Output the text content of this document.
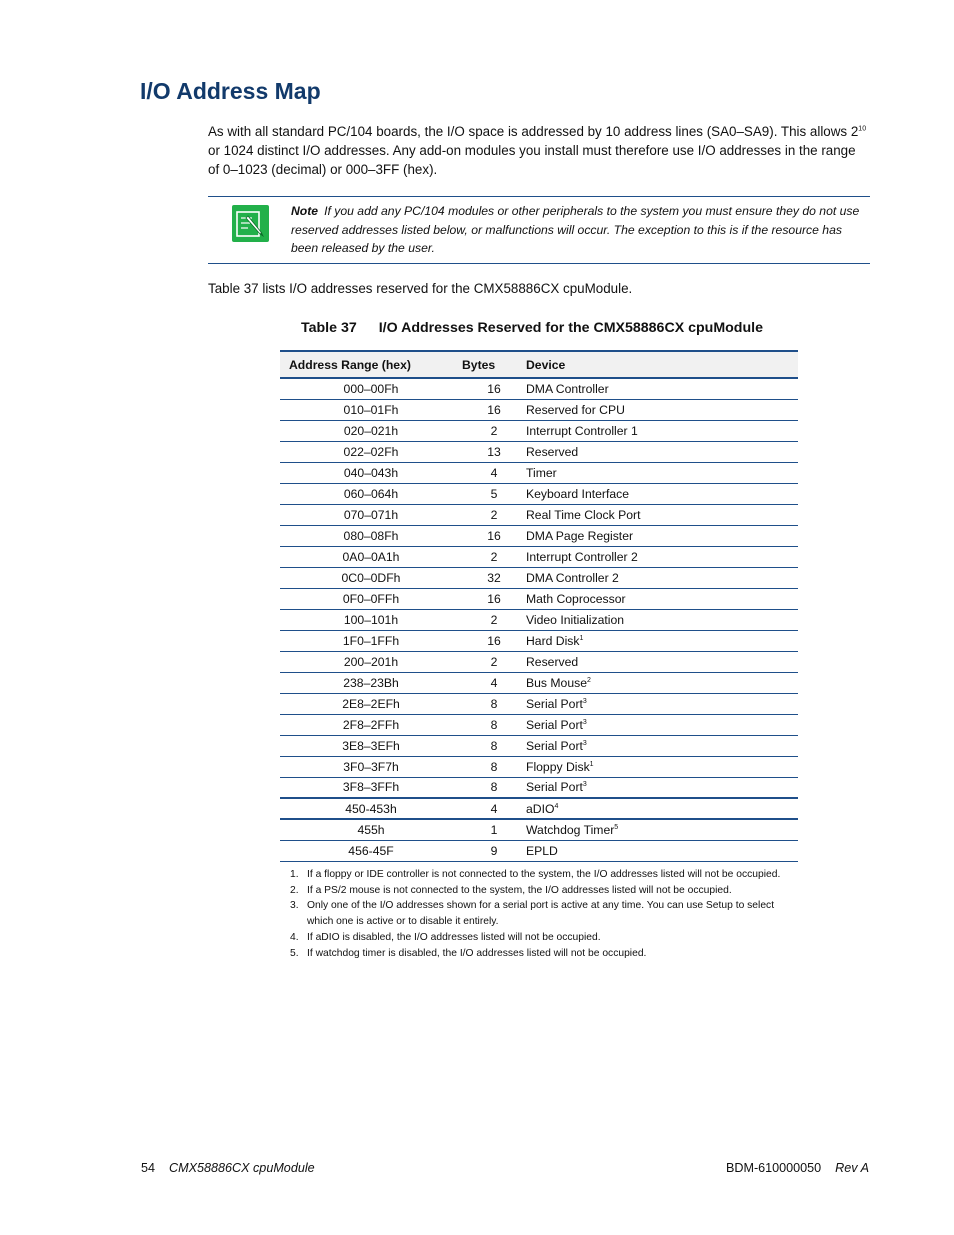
I/O Address Map

As with all standard PC/104 boards, the I/O space is addressed by 10 address lines (SA0–SA9). This allows $2^{10}$ or 1024 distinct I/O addresses. Any add-on modules you install must therefore use I/O addresses in the range of 0–1023 (decimal) or 000–3FF (hex).

Note If you add any PC/104 modules or other peripherals to the system you must ensure they do not use reserved addresses listed below, or malfunctions will occur. The exception to this is if the resource has been released by the user.

Table 37 lists I/O addresses reserved for the CMX58886CX cpuModule.

Table 37 I/O Addresses Reserved for the CMX58886CX cpuModule

Address Range (hex)	Bytes	Device
000–00Fh	16	DMA Controller
010–01Fh	16	Reserved for CPU
020–021h	2	Interrupt Controller 1
022–02Fh	13	Reserved
040–043h	4	Timer
060–064h	5	Keyboard Interface
070–071h	2	Real Time Clock Port
080–08Fh	16	DMA Page Register
0A0–0A1h	2	Interrupt Controller 2
0C0–0DFh	32	DMA Controller 2
0F0–0FFh	16	Math Coprocessor
100–101h	2	Video Initialization
1F0–1FFh	16	Hard Disk$^1$
200–201h	2	Reserved
238–23Bh	4	Bus Mouse$^2$
2E8–2EFh	8	Serial Port$^3$
2F8–2FFh	8	Serial Port$^3$
3E8–3EFh	8	Serial Port$^3$
3F0–3F7h	8	Floppy Disk$^1$
3F8–3FFh	8	Serial Port$^3$
450-453h	4	aDIO$^4$
455h	1	Watchdog Timer$^5$
456-45F	9	EPLD
1. If a floppy or IDE controller is not connected to the system, the I/O addresses listed will not be occupied.
2. If a PS/2 mouse is not connected to the system, the I/O addresses listed will not be occupied.
3. Only one of the I/O addresses shown for a serial port is active at any time. You can use Setup to select which one is active or to disable it entirely.
4. If aDIO is disabled, the I/O addresses listed will not be occupied.
5. If watchdog timer is disabled, the I/O addresses listed will not be occupied.

54 CMX58886CX cpuModule	BDM-610000050 Rev A
